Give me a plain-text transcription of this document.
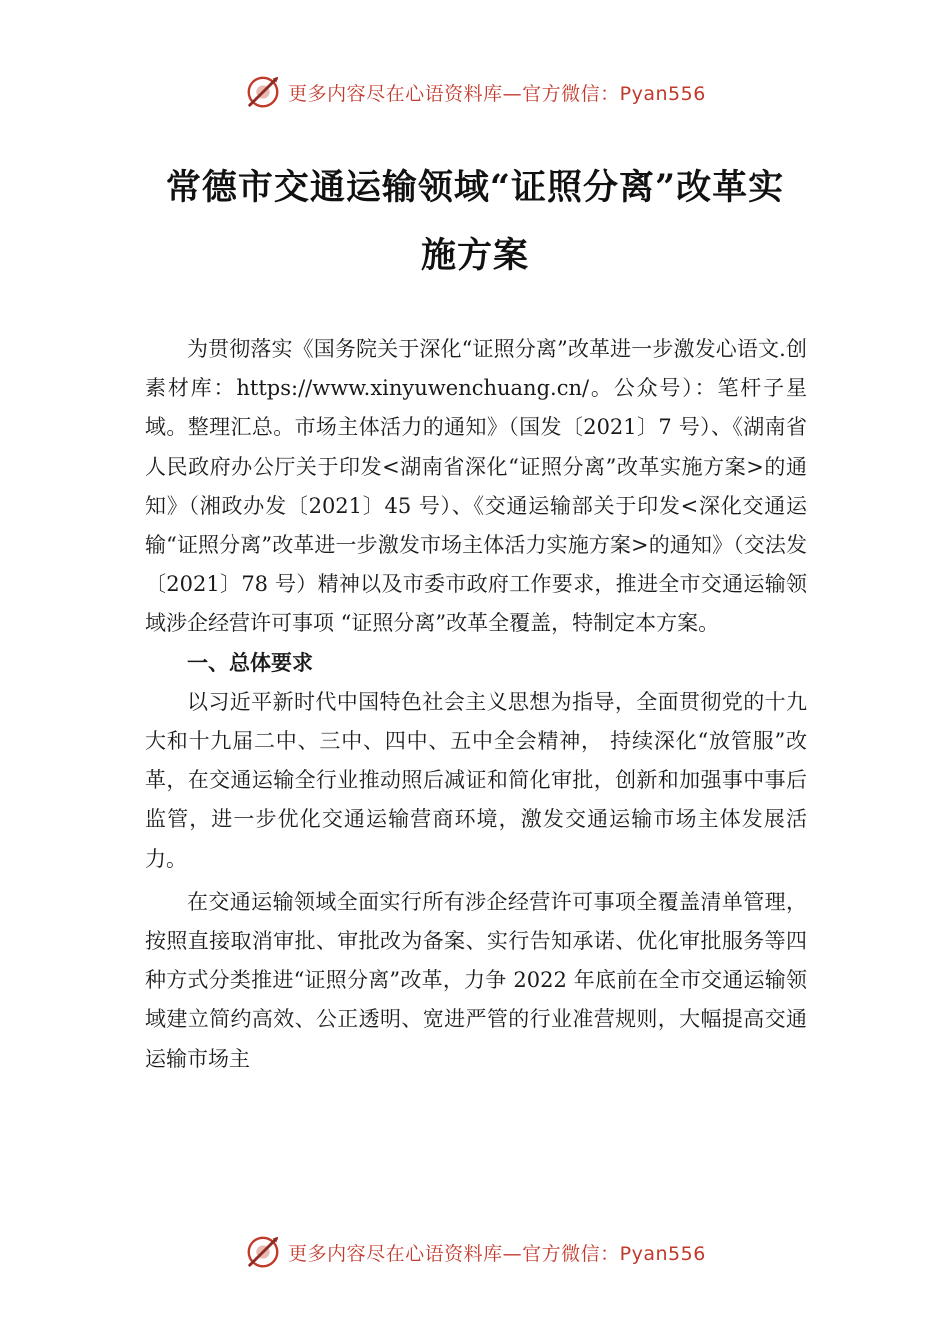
更多内容尽在心语资料库—官方微信：Pyan556
常德市交通运输领域“证照分离”改革实
施方案

为贯彻落实《国务院关于深化“证照分离”改革进一步激发心语文.创素材库：https://www.xinyuwenchuang.cn/。公众号）：笔杆子星域。整理汇总。市场主体活力的通知》（国发〔2021〕7 号）、《湖南省人民政府办公厅关于印发<湖南省深化“证照分离”改革实施方案>的通知》（湘政办发〔2021〕45 号）、《交通运输部关于印发<深化交通运输“证照分离”改革进一步激发市场主体活力实施方案>的通知》（交法发〔2021〕78 号）精神以及市委市政府工作要求，推进全市交通运输领域涉企经营许可事项 “证照分离”改革全覆盖，特制定本方案。

一、总体要求

以习近平新时代中国特色社会主义思想为指导，全面贯彻党的十九大和十九届二中、三中、四中、五中全会精神， 持续深化“放管服”改革，在交通运输全行业推动照后减证和简化审批，创新和加强事中事后监管，进一步优化交通运输营商环境，激发交通运输市场主体发展活力。

在交通运输领域全面实行所有涉企经营许可事项全覆盖清单管理，按照直接取消审批、审批改为备案、实行告知承诺、优化审批服务等四种方式分类推进“证照分离”改革，力争 2022 年底前在全市交通运输领域建立简约高效、公正透明、宽进严管的行业准营规则，大幅提高交通运输市场主

更多内容尽在心语资料库—官方微信：Pyan556
